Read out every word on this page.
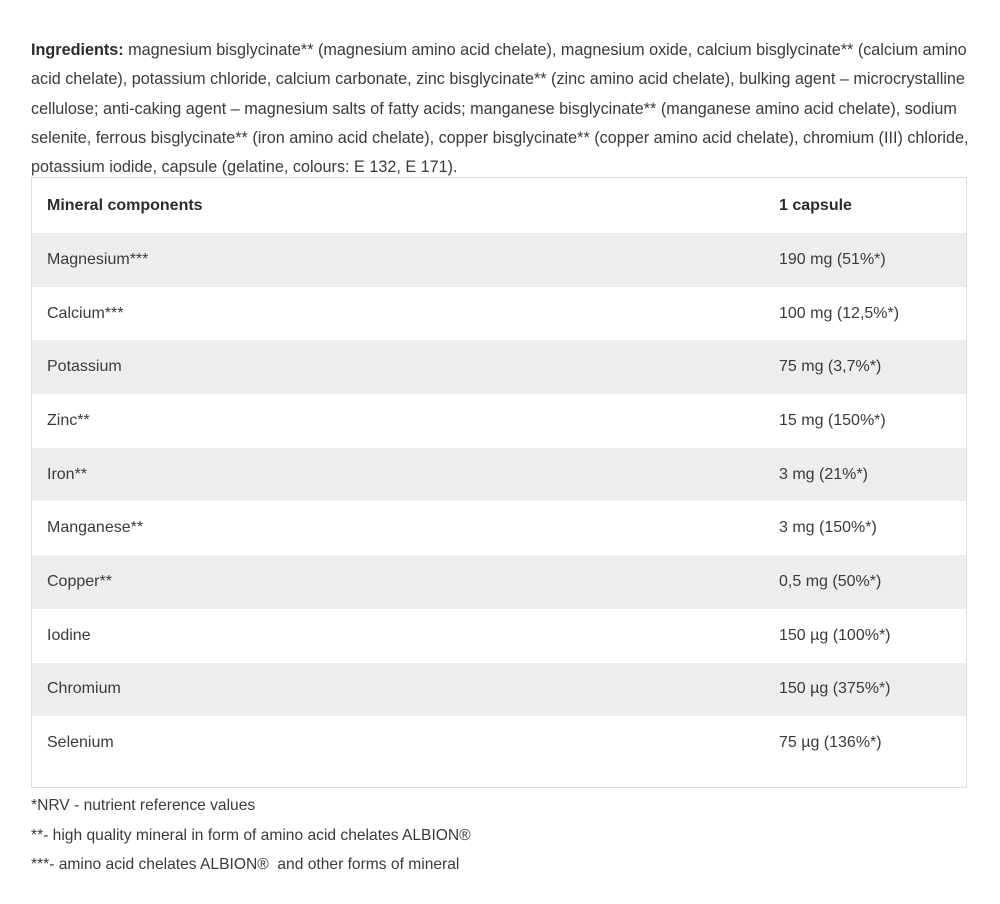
Ingredients: magnesium bisglycinate** (magnesium amino acid chelate), magnesium oxide, calcium bisglycinate** (calcium amino acid chelate), potassium chloride, calcium carbonate, zinc bisglycinate** (zinc amino acid chelate), bulking agent – microcrystalline cellulose; anti-caking agent – magnesium salts of fatty acids; manganese bisglycinate** (manganese amino acid chelate), sodium selenite, ferrous bisglycinate** (iron amino acid chelate), copper bisglycinate** (copper amino acid chelate), chromium (III) chloride, potassium iodide, capsule (gelatine, colours: E 132, E 171).

Mineral components	1 capsule
Magnesium***	190 mg (51%*)
Calcium***	100 mg (12,5%*)
Potassium	75 mg (3,7%*)
Zinc**	15 mg (150%*)
Iron**	3 mg (21%*)
Manganese**	3 mg (150%*)
Copper**	0,5 mg (50%*)
Iodine	150 µg (100%*)
Chromium	150 µg (375%*)
Selenium	75 µg (136%*)
*NRV - nutrient reference values
**- high quality mineral in form of amino acid chelates ALBION®
***- amino acid chelates ALBION®  and other forms of mineral
